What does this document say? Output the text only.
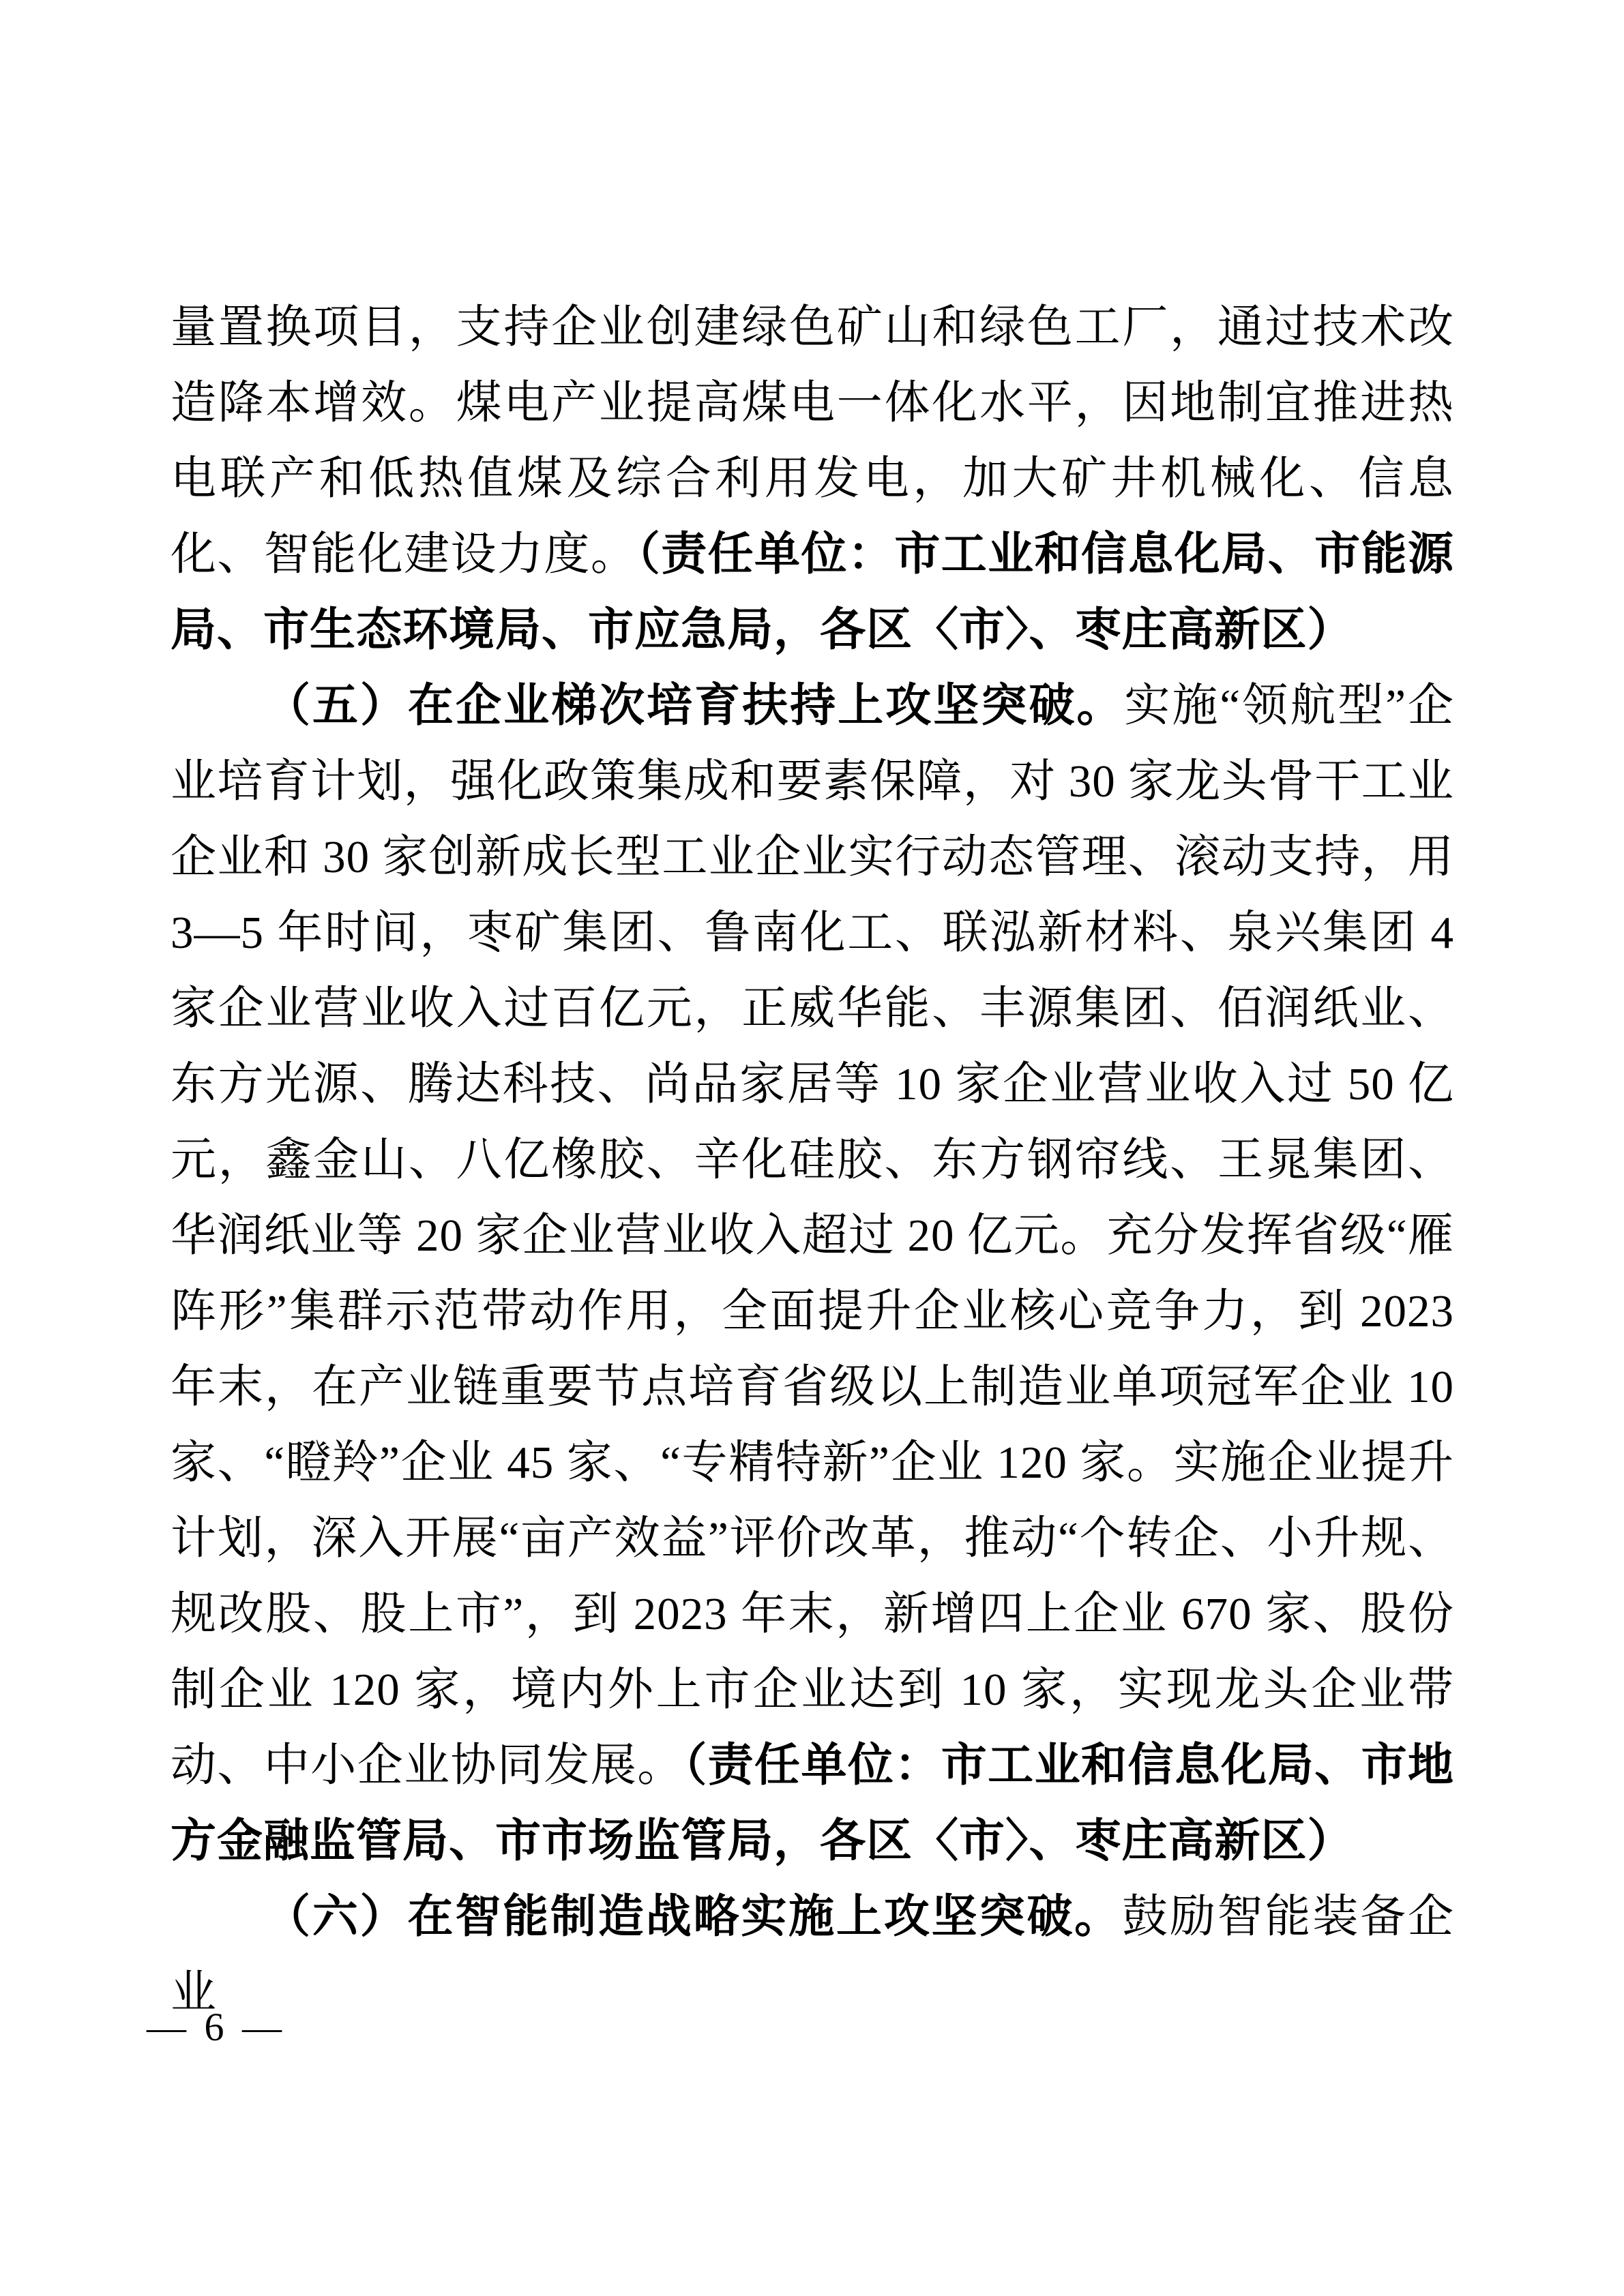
量置换项目，支持企业创建绿色矿山和绿色工厂，通过技术改造降本增效。煤电产业提高煤电一体化水平，因地制宜推进热电联产和低热值煤及综合利用发电，加大矿井机械化、信息化、智能化建设力度。（责任单位：市工业和信息化局、市能源局、市生态环境局、市应急局，各区〈市〉、枣庄高新区）

（五）在企业梯次培育扶持上攻坚突破。实施“领航型”企业培育计划，强化政策集成和要素保障，对 30 家龙头骨干工业企业和 30 家创新成长型工业企业实行动态管理、滚动支持，用 3—5 年时间，枣矿集团、鲁南化工、联泓新材料、泉兴集团 4 家企业营业收入过百亿元，正威华能、丰源集团、佰润纸业、东方光源、腾达科技、尚品家居等 10 家企业营业收入过 50 亿元，鑫金山、八亿橡胶、辛化硅胶、东方钢帘线、王晁集团、华润纸业等 20 家企业营业收入超过 20 亿元。充分发挥省级“雁阵形”集群示范带动作用，全面提升企业核心竞争力，到 2023 年末，在产业链重要节点培育省级以上制造业单项冠军企业 10 家、“瞪羚”企业 45 家、“专精特新”企业 120 家。实施企业提升计划，深入开展“亩产效益”评价改革，推动“个转企、小升规、规改股、股上市”，到 2023 年末，新增四上企业 670 家、股份制企业 120 家，境内外上市企业达到 10 家，实现龙头企业带动、中小企业协同发展。（责任单位：市工业和信息化局、市地方金融监管局、市市场监管局，各区〈市〉、枣庄高新区）

（六）在智能制造战略实施上攻坚突破。鼓励智能装备企业

— 6 —
